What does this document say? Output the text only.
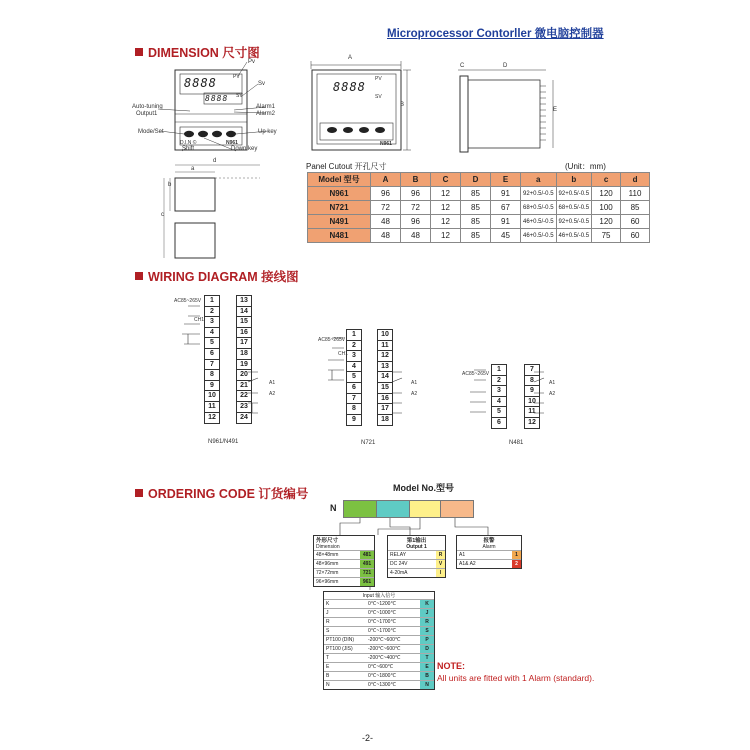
Microprocessor Contorller 微电脑控制器
DIMENSION 尺寸图
8888
8888
Pv
PV
Sv
SV
Auto-tuning
Output1
Alarm1
Alarm2
Mode/Set	Up key
D.I.N ©	N961
Shift	Down key
A
B
8888
PV
SV
N961
C	D
E
a
d
b
c
Panel Cutout 开孔尺寸	(Unit：mm)
Model 型号	A	B	C	D	E	a	b	c	d
N961	96	96	12	85	91	92+0.5/-0.5	92+0.5/-0.5	120	110
N721	72	72	12	85	67	68+0.5/-0.5	68+0.5/-0.5	100	85
N491	48	96	12	85	91	46+0.5/-0.5	92+0.5/-0.5	120	60
N481	48	48	12	85	45	46+0.5/-0.5	46+0.5/-0.5	75	60
WIRING DIAGRAM 接线图
1
2
3
4
5
6
7
8
9
10
11
12
13
14
15
16
17
18
19
20
21
22
23
24
AC85~265V
CH1
A1
A2
N961/N491
1
2
3
4
5
6
7
8
9
10
11
12
13
14
15
16
17
18
AC85~265V
CH1
A1
A2
N721
1
2
3
4
5
6
7
8
9
10
11
12
AC85~265V
A1
A2
N481
ORDERING CODE 订货编号	Model No.型号
N
外形尺寸
Dimension
48×48mm	481
48×96mm	491
72×72mm	721
96×96mm	961
第1输出
Output 1
RELAY	R
DC 24V	V
4-20mA	I
报警
Alarm
A1	1
A1& A2	2
Input 输入信号
K	0℃~1200℃	K
J	0℃~1000℃	J
R	0℃~1700℃	R
S	0℃~1700℃	S
PT100 (DIN)	-200℃~600℃	P
PT100 (JIS)	-200℃~600℃	D
T	-200℃~400℃	T
E	0℃~600℃	E
B	0℃~1800℃	B
N	0℃~1300℃	N
NOTE:
All units are fitted with 1 Alarm (standard).
-2-
